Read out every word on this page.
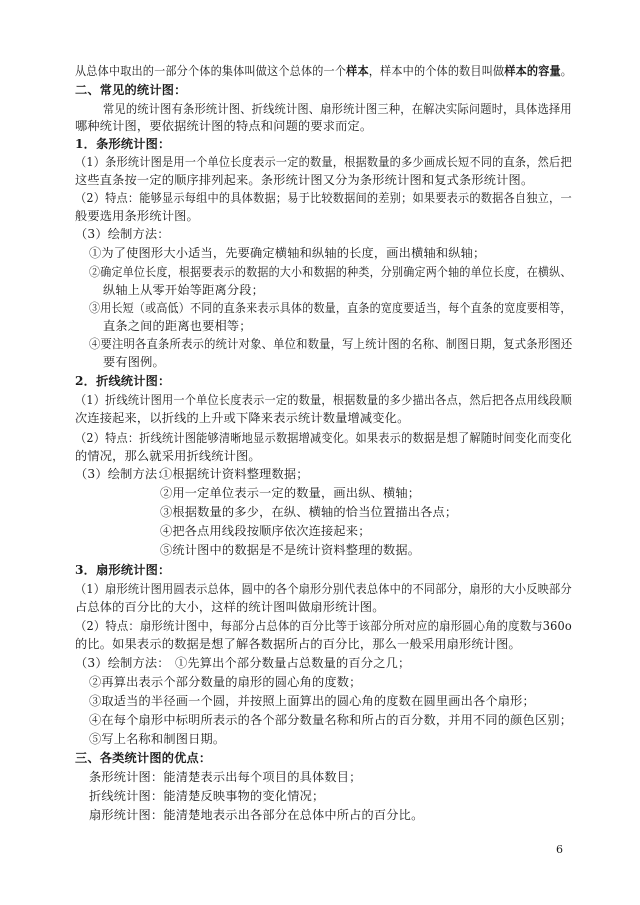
从总体中取出的一部分个体的集体叫做这个总体的一个样本，样本中的个体的数目叫做样本的容量。
二、常见的统计图：
常见的统计图有条形统计图、折线统计图、扇形统计图三种，在解决实际问题时，具体选择用
哪种统计图，要依据统计图的特点和问题的要求而定。
1．条形统计图：
（1）条形统计图是用一个单位长度表示一定的数量，根据数量的多少画成长短不同的直条，然后把
这些直条按一定的顺序排列起来。条形统计图又分为条形统计图和复式条形统计图。
（2）特点：能够显示每组中的具体数据；易于比较数据间的差别；如果要表示的数据各自独立，一
般要选用条形统计图。
（3）绘制方法：
①为了使图形大小适当，先要确定横轴和纵轴的长度，画出横轴和纵轴；
②确定单位长度，根据要表示的数据的大小和数据的种类，分别确定两个轴的单位长度，在横纵、
纵轴上从零开始等距离分段；
③用长短（或高低）不同的直条来表示具体的数量，直条的宽度要适当，每个直条的宽度要相等，
直条之间的距离也要相等；
④要注明各直条所表示的统计对象、单位和数量，写上统计图的名称、制图日期，复式条形图还
要有图例。
2．折线统计图：
（1）折线统计图用一个单位长度表示一定的数量，根据数量的多少描出各点，然后把各点用线段顺
次连接起来，以折线的上升或下降来表示统计数量增减变化。
（2）特点：折线统计图能够清晰地显示数据增减变化。如果表示的数据是想了解随时间变化而变化
的情况，那么就采用折线统计图。
（3）绘制方法：
①根据统计资料整理数据；
②用一定单位表示一定的数量，画出纵、横轴；
③根据数量的多少，在纵、横轴的恰当位置描出各点；
④把各点用线段按顺序依次连接起来；
⑤统计图中的数据是不是统计资料整理的数据。
3．扇形统计图：
（1）扇形统计图用圆表示总体，圆中的各个扇形分别代表总体中的不同部分，扇形的大小反映部分
占总体的百分比的大小，这样的统计图叫做扇形统计图。
（2）特点：扇形统计图中，每部分占总体的百分比等于该部分所对应的扇形圆心角的度数与360o
的比。如果表示的数据是想了解各数据所占的百分比，那么一般采用扇形统计图。
（3）绘制方法： ①先算出个部分数量占总数量的百分之几；
②再算出表示个部分数量的扇形的圆心角的度数；
③取适当的半径画一个圆，并按照上面算出的圆心角的度数在圆里画出各个扇形；
④在每个扇形中标明所表示的各个部分数量名称和所占的百分数，并用不同的颜色区别；
⑤写上名称和制图日期。
三、各类统计图的优点：
条形统计图：能清楚表示出每个项目的具体数目；
折线统计图：能清楚反映事物的变化情况；
扇形统计图：能清楚地表示出各部分在总体中所占的百分比。
6
